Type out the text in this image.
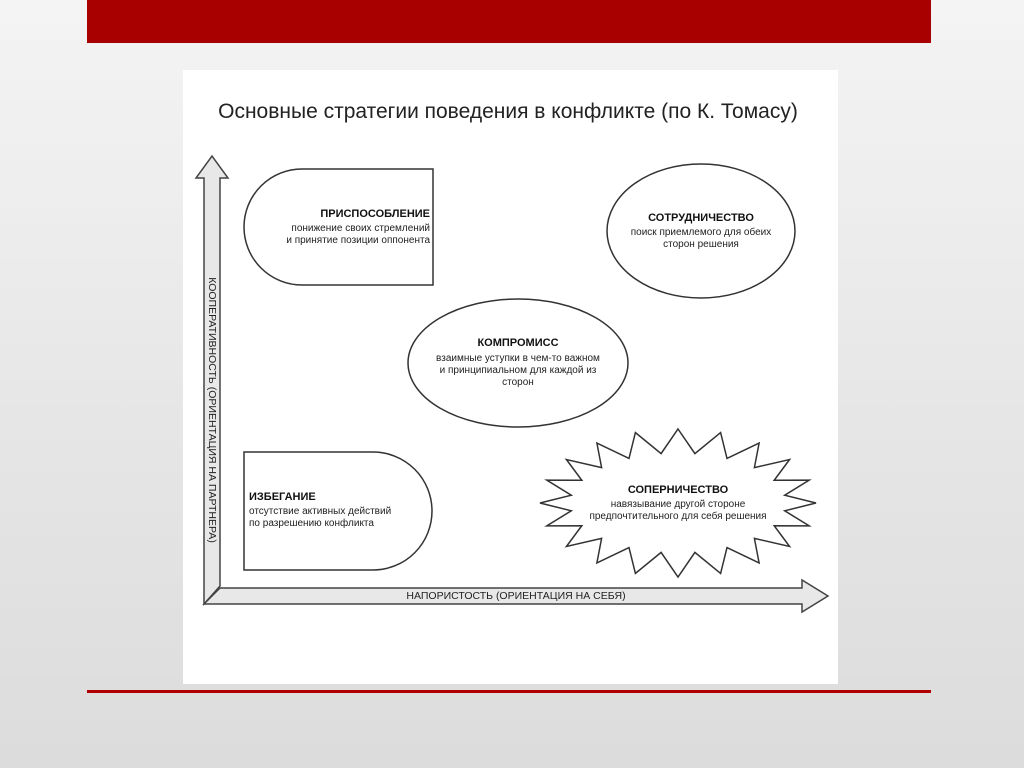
Основные стратегии поведения в конфликте (по К. Томасу)
НАПОРИСТОСТЬ (ОРИЕНТАЦИЯ НА СЕБЯ)
КООПЕРАТИВНОСТЬ (ОРИЕНТАЦИЯ НА ПАРТНЕРА)
ПРИСПОСОБЛЕНИЕ
понижение своих стремлений
и принятие позиции оппонента
СОТРУДНИЧЕСТВО
поиск приемлемого для обеих
сторон решения
КОМПРОМИСС
взаимные уступки в чем-то важном
и принципиальном для каждой из
сторон
ИЗБЕГАНИЕ
отсутствие активных действий
по разрешению конфликта
СОПЕРНИЧЕСТВО
навязывание другой стороне
предпочтительного для себя решения
